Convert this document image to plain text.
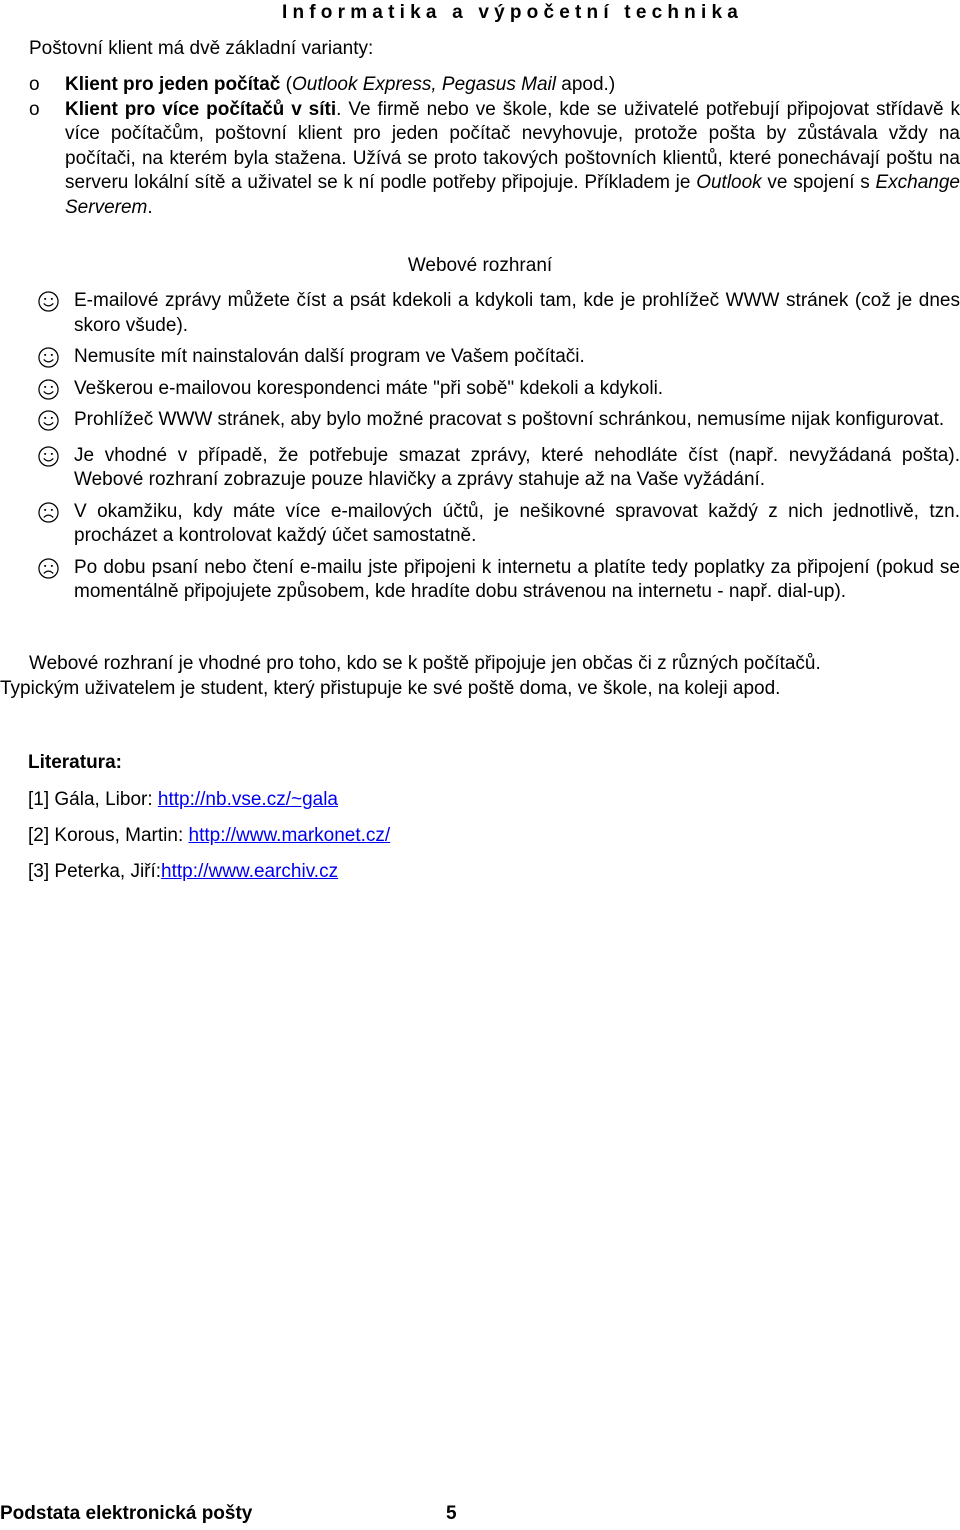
Informatika a výpočetní technika
Poštovní klient má dvě základní varianty:
o Klient pro jeden počítač (Outlook Express, Pegasus Mail apod.)
o Klient pro více počítačů v síti. Ve firmě nebo ve škole, kde se uživatelé potřebují připojovat střídavě k více počítačům, poštovní klient pro jeden počítač nevyhovuje, protože pošta by zůstávala vždy na počítači, na kterém byla stažena. Užívá se proto takových poštovních klientů, které ponechávají poštu na serveru lokální sítě a uživatel se k ní podle potřeby připojuje. Příkladem je Outlook ve spojení s Exchange Serverem.
Webové rozhraní
E-mailové zprávy můžete číst a psát kdekoli a kdykoli tam, kde je prohlížeč WWW stránek (což je dnes skoro všude).
Nemusíte mít nainstalován další program ve Vašem počítači.
Veškerou e-mailovou korespondenci máte "při sobě" kdekoli a kdykoli.
Prohlížeč WWW stránek, aby bylo možné pracovat s poštovní schránkou, nemusíme nijak konfigurovat.
Je vhodné v případě, že potřebuje smazat zprávy, které nehodláte číst (např. nevyžádaná pošta). Webové rozhraní zobrazuje pouze hlavičky a zprávy stahuje až na Vaše vyžádání.
V okamžiku, kdy máte více e-mailových účtů, je nešikovné spravovat každý z nich jednotlivě, tzn. procházet a kontrolovat každý účet samostatně.
Po dobu psaní nebo čtení e-mailu jste připojeni k internetu a platíte tedy poplatky za připojení (pokud se momentálně připojujete způsobem, kde hradíte dobu strávenou na internetu - např. dial-up).
Webové rozhraní je vhodné pro toho, kdo se k poště připojuje jen občas či z různých počítačů.
Typickým uživatelem je student, který přistupuje ke své poště doma, ve škole, na koleji apod.
Literatura:
[1] Gála, Libor: http://nb.vse.cz/~gala
[2] Korous, Martin: http://www.markonet.cz/
[3] Peterka, Jiří:http://www.earchiv.cz
Podstata elektronická pošty	5
